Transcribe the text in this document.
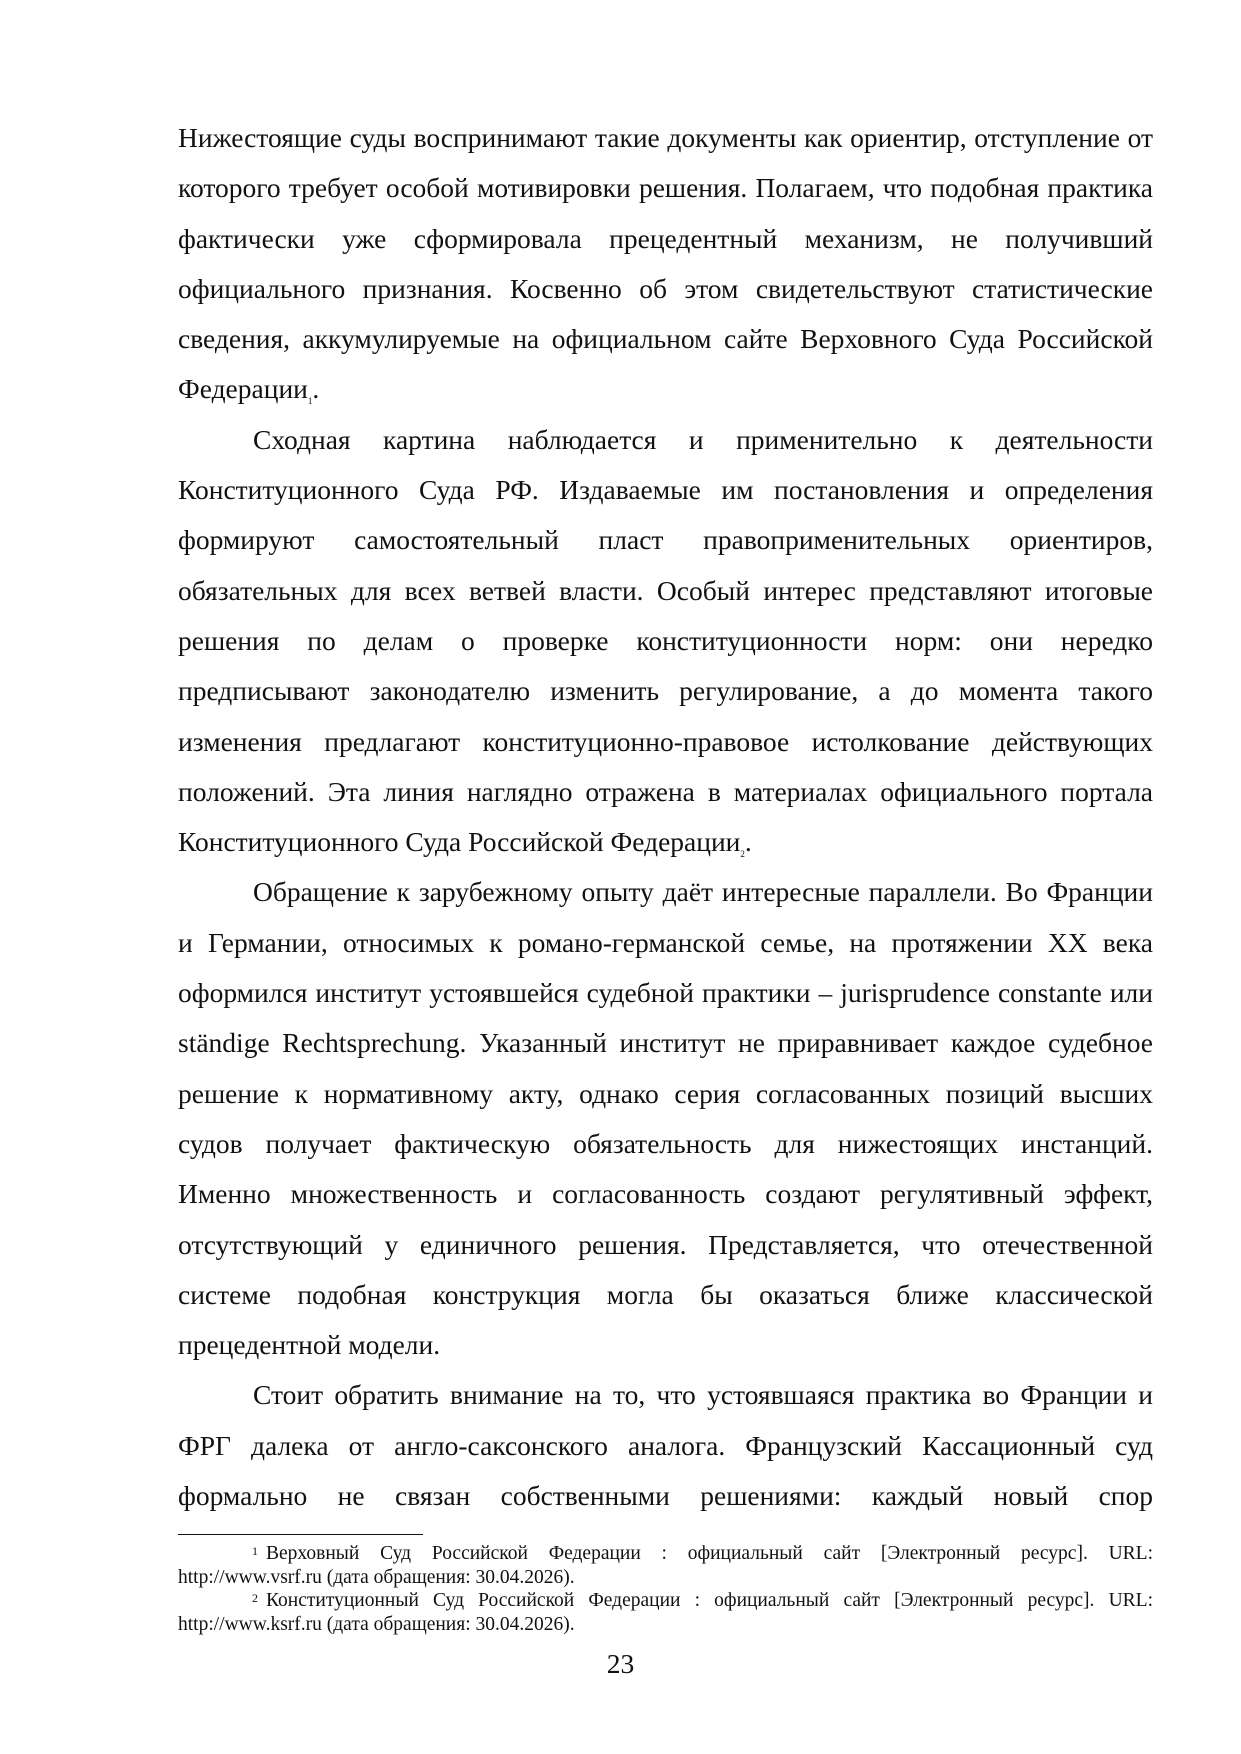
Нижестоящие суды воспринимают такие документы как ориентир, отступление от которого требует особой мотивировки решения. Полагаем, что подобная практика фактически уже сформировала прецедентный механизм, не получивший официального признания. Косвенно об этом свидетельствуют статистические сведения, аккумулируемые на официальном сайте Верховного Суда Российской Федерации$^1$.

Сходная картина наблюдается и применительно к деятельности Конституционного Суда РФ. Издаваемые им постановления и определения формируют самостоятельный пласт правоприменительных ориентиров, обязательных для всех ветвей власти. Особый интерес представляют итоговые решения по делам о проверке конституционности норм: они нередко предписывают законодателю изменить регулирование, а до момента такого изменения предлагают конституционно-правовое истолкование действующих положений. Эта линия наглядно отражена в материалах официального портала Конституционного Суда Российской Федерации$^2$.

Обращение к зарубежному опыту даёт интересные параллели. Во Франции и Германии, относимых к романо-германской семье, на протяжении XX века оформился институт устоявшейся судебной практики – jurisprudence constante или ständige Rechtsprechung. Указанный институт не приравнивает каждое судебное решение к нормативному акту, однако серия согласованных позиций высших судов получает фактическую обязательность для нижестоящих инстанций. Именно множественность и согласованность создают регулятивный эффект, отсутствующий у единичного решения. Представляется, что отечественной системе подобная конструкция могла бы оказаться ближе классической прецедентной модели.

Стоит обратить внимание на то, что устоявшаяся практика во Франции и ФРГ далека от англо-саксонского аналога. Французский Кассационный суд формально не связан собственными решениями: каждый новый спор

$^1$ Верховный Суд Российской Федерации : официальный сайт [Электронный ресурс]. URL: http://www.vsrf.ru (дата обращения: 30.04.2026).

$^2$ Конституционный Суд Российской Федерации : официальный сайт [Электронный ресурс]. URL: http://www.ksrf.ru (дата обращения: 30.04.2026).

23
